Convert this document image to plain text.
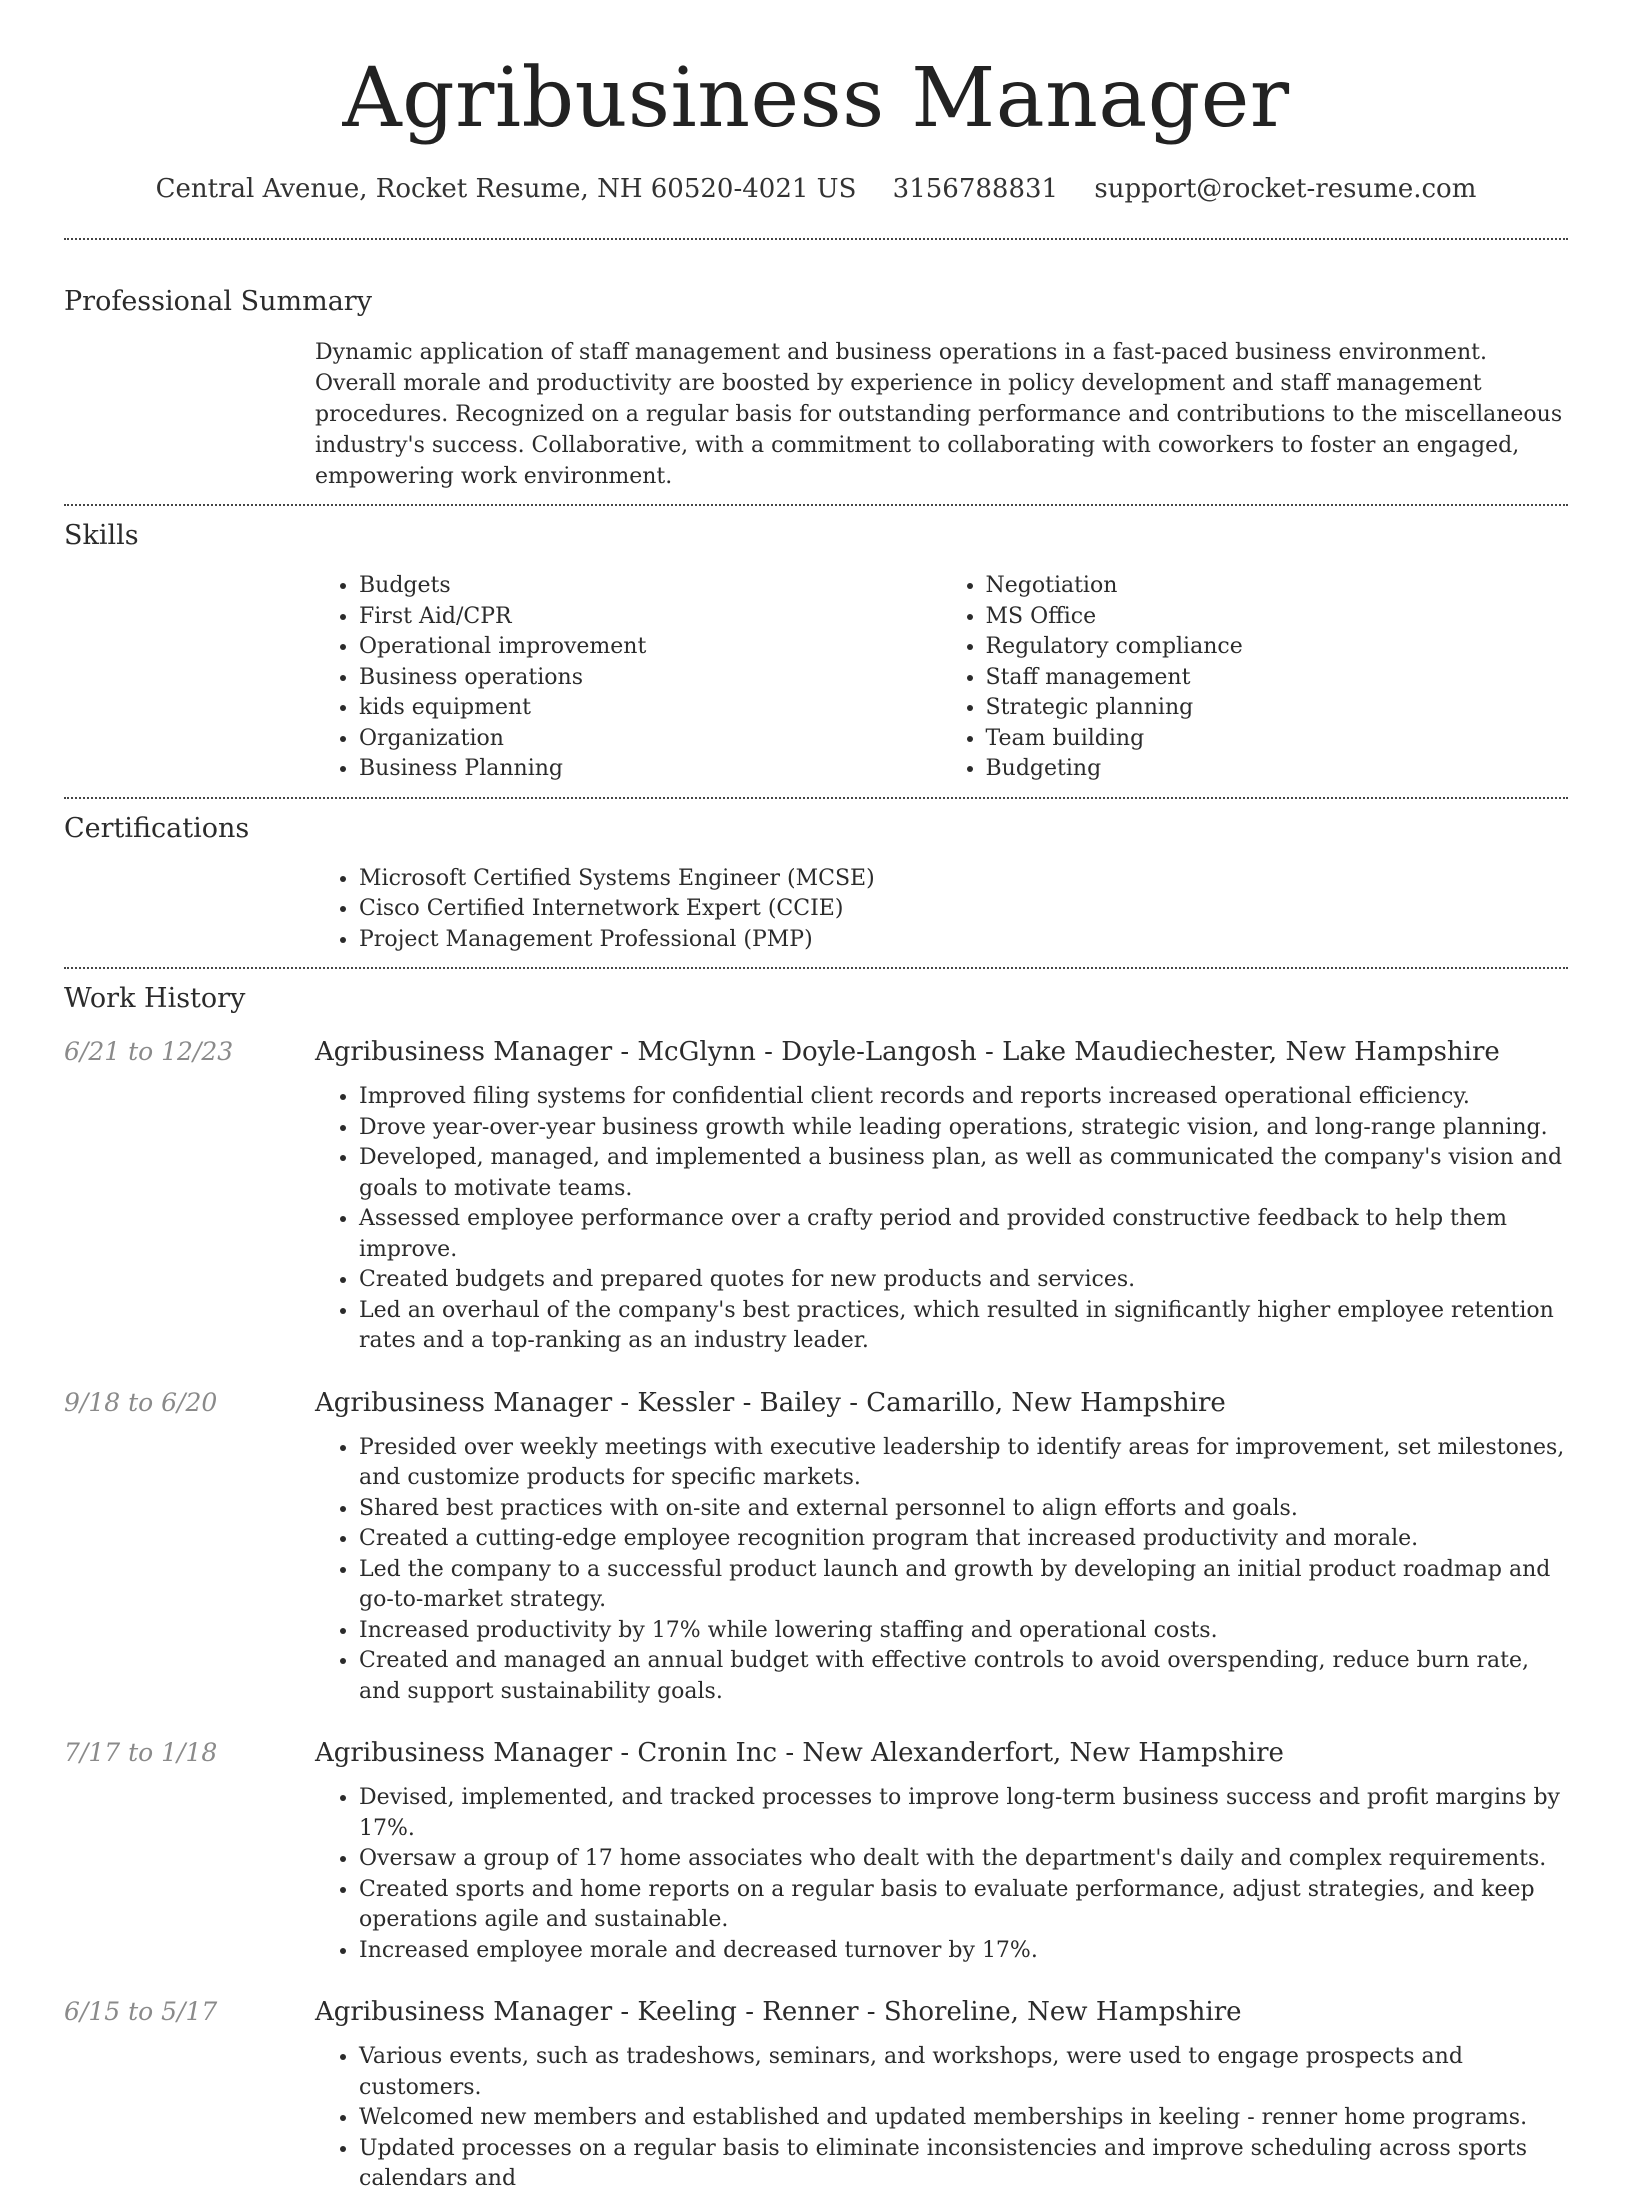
Agribusiness Manager
Central Avenue, Rocket Resume, NH 60520-4021 US 3156788831 support@rocket-resume.com
Professional Summary
Dynamic application of staff management and business operations in a fast-paced business environment. Overall morale and productivity are boosted by experience in policy development and staff management procedures. Recognized on a regular basis for outstanding performance and contributions to the miscellaneous industry's success. Collaborative, with a commitment to collaborating with coworkers to foster an engaged, empowering work environment.
Skills
• Budgets
• First Aid/CPR
• Operational improvement
• Business operations
• kids equipment
• Organization
• Business Planning
• Negotiation
• MS Office
• Regulatory compliance
• Staff management
• Strategic planning
• Team building
• Budgeting
Certifications
• Microsoft Certified Systems Engineer (MCSE)
• Cisco Certified Internetwork Expert (CCIE)
• Project Management Professional (PMP)
Work History
6/21 to 12/23	Agribusiness Manager - McGlynn - Doyle-Langosh - Lake Maudiechester, New Hampshire
• Improved filing systems for confidential client records and reports increased operational efficiency.
• Drove year-over-year business growth while leading operations, strategic vision, and long-range planning.
• Developed, managed, and implemented a business plan, as well as communicated the company's vision and goals to motivate teams.
• Assessed employee performance over a crafty period and provided constructive feedback to help them improve.
• Created budgets and prepared quotes for new products and services.
• Led an overhaul of the company's best practices, which resulted in significantly higher employee retention rates and a top-ranking as an industry leader.
9/18 to 6/20	Agribusiness Manager - Kessler - Bailey - Camarillo, New Hampshire
• Presided over weekly meetings with executive leadership to identify areas for improvement, set milestones, and customize products for specific markets.
• Shared best practices with on-site and external personnel to align efforts and goals.
• Created a cutting-edge employee recognition program that increased productivity and morale.
• Led the company to a successful product launch and growth by developing an initial product roadmap and go-to-market strategy.
• Increased productivity by 17% while lowering staffing and operational costs.
• Created and managed an annual budget with effective controls to avoid overspending, reduce burn rate, and support sustainability goals.
7/17 to 1/18	Agribusiness Manager - Cronin Inc - New Alexanderfort, New Hampshire
• Devised, implemented, and tracked processes to improve long-term business success and profit margins by 17%.
• Oversaw a group of 17 home associates who dealt with the department's daily and complex requirements.
• Created sports and home reports on a regular basis to evaluate performance, adjust strategies, and keep operations agile and sustainable.
• Increased employee morale and decreased turnover by 17%.
6/15 to 5/17	Agribusiness Manager - Keeling - Renner - Shoreline, New Hampshire
• Various events, such as tradeshows, seminars, and workshops, were used to engage prospects and customers.
• Welcomed new members and established and updated memberships in keeling - renner home programs.
• Updated processes on a regular basis to eliminate inconsistencies and improve scheduling across sports calendars and
